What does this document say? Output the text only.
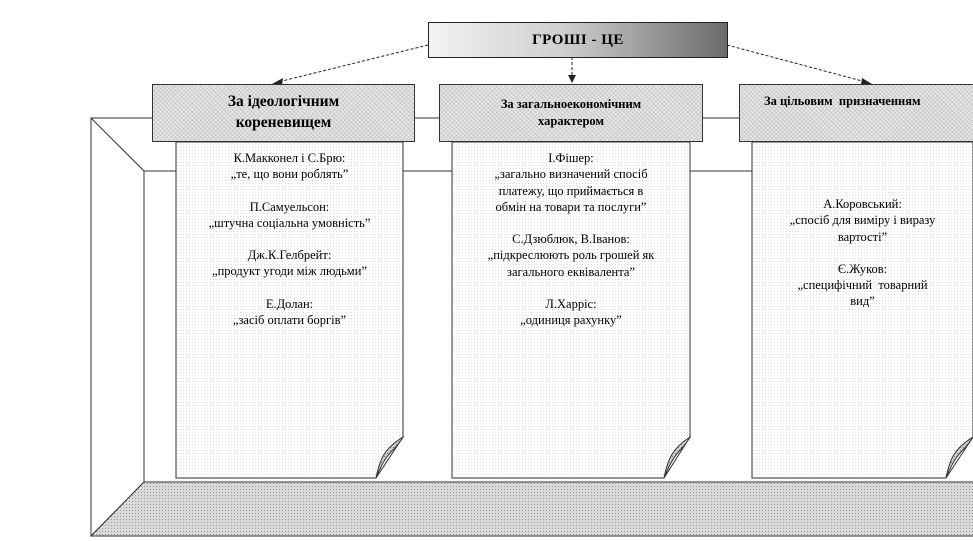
ГРОШІ - ЦЕ
За ідеологічним
кореневищем
За загальноекономічним
характером
За цільовим  призначенням
К.Макконел і С.Брю:
„те, що вони роблять”
П.Самуельсон:
„штучна соціальна умовність”
Дж.К.Гелбрейт:
„продукт угоди між людьми”
Е.Долан:
„засіб оплати боргів”
І.Фішер:
„загально визначений спосіб
платежу, що приймається в
обмін на товари та послуги”
С.Дзюблюк, В.Іванов:
„підкреслюють роль грошей як
загального еквівалента”
Л.Харріс:
„одиниця рахунку”
А.Коровський:
„спосіб для виміру і виразу
вартості”
Є.Жуков:
„специфічний  товарний
вид”
